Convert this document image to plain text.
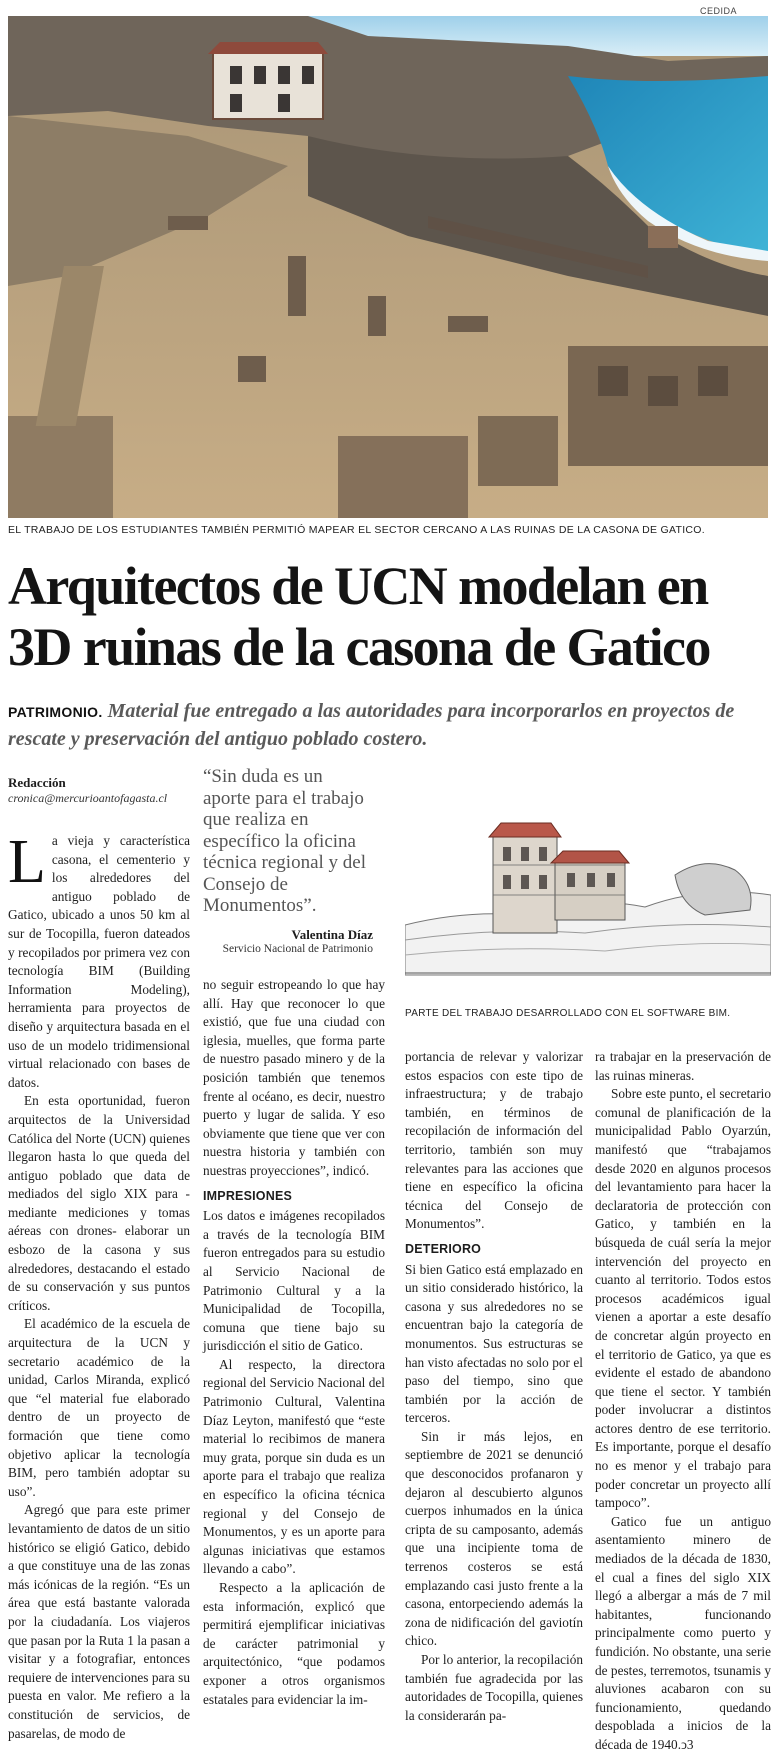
CEDIDA
EL TRABAJO DE LOS ESTUDIANTES TAMBIÉN PERMITIÓ MAPEAR EL SECTOR CERCANO A LAS RUINAS DE LA CASONA DE GATICO.
Arquitectos de UCN modelan en 3D ruinas de la casona de Gatico
PATRIMONIO. Material fue entregado a las autoridades para incorporarlos en proyectos de rescate y preservación del antiguo poblado costero.
Redacción
cronica@mercurioantofagasta.cl

“Sin duda es un aporte para el trabajo que realiza en específico la oficina técnica regional y del Consejo de Monumentos”.

Valentina Díaz
Servicio Nacional de Patrimonio
PARTE DEL TRABAJO DESARROLLADO CON EL SOFTWARE BIM.

La vieja y característica casona, el cementerio y los alrededores del antiguo poblado de Gatico, ubicado a unos 50 km al sur de Tocopilla, fueron dateados y recopilados por primera vez con tecnología BIM (Building Information Modeling), herramienta para proyectos de diseño y arquitectura basada en el uso de un modelo tridimensional virtual relacionado con bases de datos.

En esta oportunidad, fueron arquitectos de la Universidad Católica del Norte (UCN) quienes llegaron hasta lo que queda del antiguo poblado que data de mediados del siglo XIX para -mediante mediciones y tomas aéreas con drones- elaborar un esbozo de la casona y sus alrededores, destacando el estado de su conservación y sus puntos críticos.

El académico de la escuela de arquitectura de la UCN y secretario académico de la unidad, Carlos Miranda, explicó que “el material fue elaborado dentro de un proyecto de formación que tiene como objetivo aplicar la tecnología BIM, pero también adoptar su uso”.

Agregó que para este primer levantamiento de datos de un sitio histórico se eligió Gatico, debido a que constituye una de las zonas más icónicas de la región. “Es un área que está bastante valorada por la ciudadanía. Los viajeros que pasan por la Ruta 1 la pasan a visitar y a fotografiar, entonces requiere de intervenciones para su puesta en valor. Me refiero a la constitución de servicios, de pasarelas, de modo de

no seguir estropeando lo que hay allí. Hay que reconocer lo que existió, que fue una ciudad con iglesia, muelles, que forma parte de nuestro pasado minero y de la posición también que tenemos frente al océano, es decir, nuestro puerto y lugar de salida. Y eso obviamente que tiene que ver con nuestra historia y también con nuestras proyecciones”, indicó.

IMPRESIONES

Los datos e imágenes recopilados a través de la tecnología BIM fueron entregados para su estudio al Servicio Nacional de Patrimonio Cultural y a la Municipalidad de Tocopilla, comuna que tiene bajo su jurisdicción el sitio de Gatico.

Al respecto, la directora regional del Servicio Nacional del Patrimonio Cultural, Valentina Díaz Leyton, manifestó que “este material lo recibimos de manera muy grata, porque sin duda es un aporte para el trabajo que realiza en específico la oficina técnica regional y del Consejo de Monumentos, y es un aporte para algunas iniciativas que estamos llevando a cabo”.

Respecto a la aplicación de esta información, explicó que permitirá ejemplificar iniciativas de carácter patrimonial y arquitectónico, “que podamos exponer a otros organismos estatales para evidenciar la im-

portancia de relevar y valorizar estos espacios con este tipo de infraestructura; y de trabajo también, en términos de recopilación de información del territorio, también son muy relevantes para las acciones que tiene en específico la oficina técnica del Consejo de Monumentos”.

DETERIORO

Si bien Gatico está emplazado en un sitio considerado histórico, la casona y sus alrededores no se encuentran bajo la categoría de monumentos. Sus estructuras se han visto afectadas no solo por el paso del tiempo, sino que también por la acción de terceros.

Sin ir más lejos, en septiembre de 2021 se denunció que desconocidos profanaron y dejaron al descubierto algunos cuerpos inhumados en la única cripta de su camposanto, además que una incipiente toma de terrenos costeros se está emplazando casi justo frente a la casona, entorpeciendo además la zona de nidificación del gaviotín chico.

Por lo anterior, la recopilación también fue agradecida por las autoridades de Tocopilla, quienes la considerarán pa-

ra trabajar en la preservación de las ruinas mineras.

Sobre este punto, el secretario comunal de planificación de la municipalidad Pablo Oyarzún, manifestó que “trabajamos desde 2020 en algunos procesos del levantamiento para hacer la declaratoria de protección con Gatico, y también en la búsqueda de cuál sería la mejor intervención del proyecto en cuanto al territorio. Todos estos procesos académicos igual vienen a aportar a este desafío de concretar algún proyecto en el territorio de Gatico, ya que es evidente el estado de abandono que tiene el sector. Y también poder involucrar a distintos actores dentro de ese territorio. Es importante, porque el desafío no es menor y el trabajo para poder concretar un proyecto allí tampoco”.

Gatico fue un antiguo asentamiento minero de mediados de la década de 1830, el cual a fines del siglo XIX llegó a albergar a más de 7 mil habitantes, funcionando principalmente como puerto y fundición. No obstante, una serie de pestes, terremotos, tsunamis y aluviones acabaron con su funcionamiento, quedando despoblada a inicios de la década de 1940.ↄ3
